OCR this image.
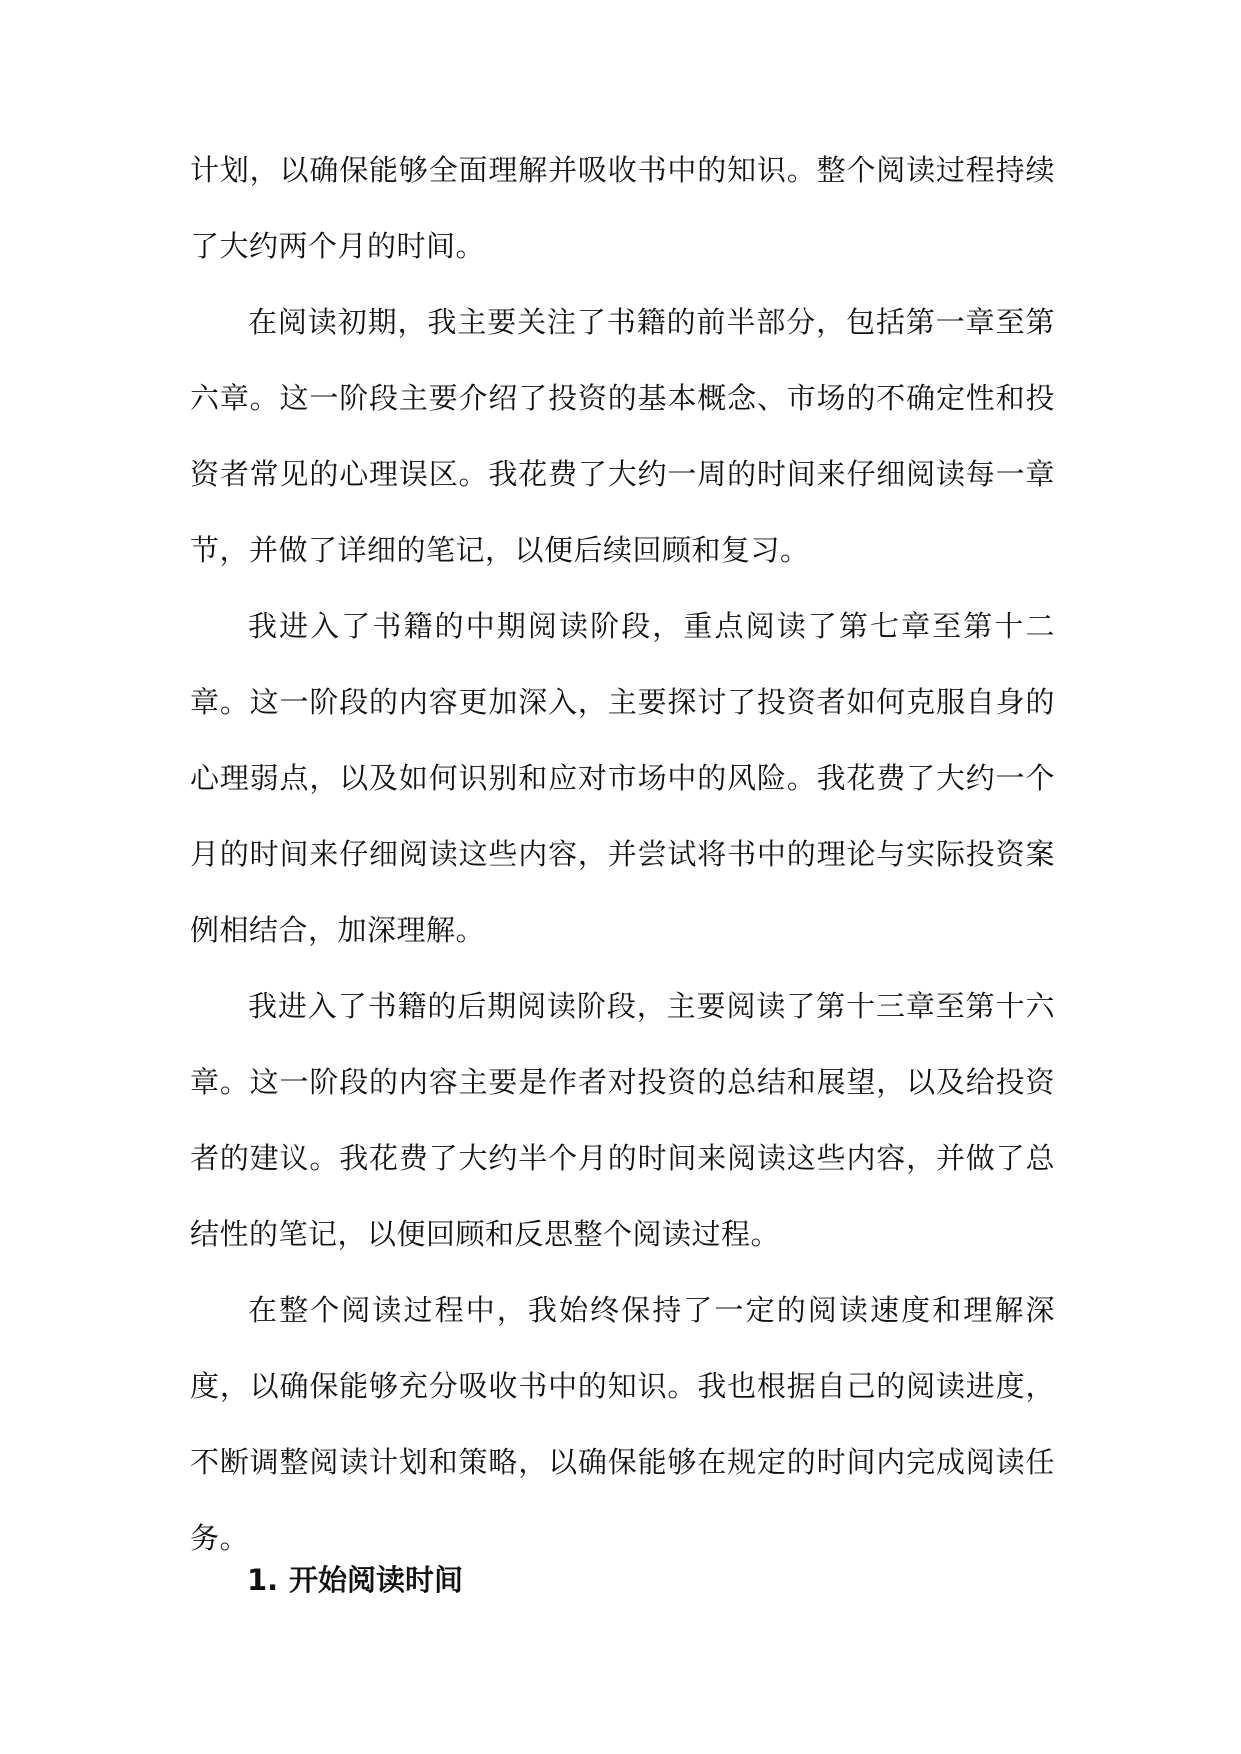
计划，以确保能够全面理解并吸收书中的知识。整个阅读过程持续了大约两个月的时间。

在阅读初期，我主要关注了书籍的前半部分，包括第一章至第六章。这一阶段主要介绍了投资的基本概念、市场的不确定性和投资者常见的心理误区。我花费了大约一周的时间来仔细阅读每一章节，并做了详细的笔记，以便后续回顾和复习。

我进入了书籍的中期阅读阶段，重点阅读了第七章至第十二章。这一阶段的内容更加深入，主要探讨了投资者如何克服自身的心理弱点，以及如何识别和应对市场中的风险。我花费了大约一个月的时间来仔细阅读这些内容，并尝试将书中的理论与实际投资案例相结合，加深理解。

我进入了书籍的后期阅读阶段，主要阅读了第十三章至第十六章。这一阶段的内容主要是作者对投资的总结和展望，以及给投资者的建议。我花费了大约半个月的时间来阅读这些内容，并做了总结性的笔记，以便回顾和反思整个阅读过程。

在整个阅读过程中，我始终保持了一定的阅读速度和理解深度，以确保能够充分吸收书中的知识。我也根据自己的阅读进度，不断调整阅读计划和策略，以确保能够在规定的时间内完成阅读任务。

1. 开始阅读时间
